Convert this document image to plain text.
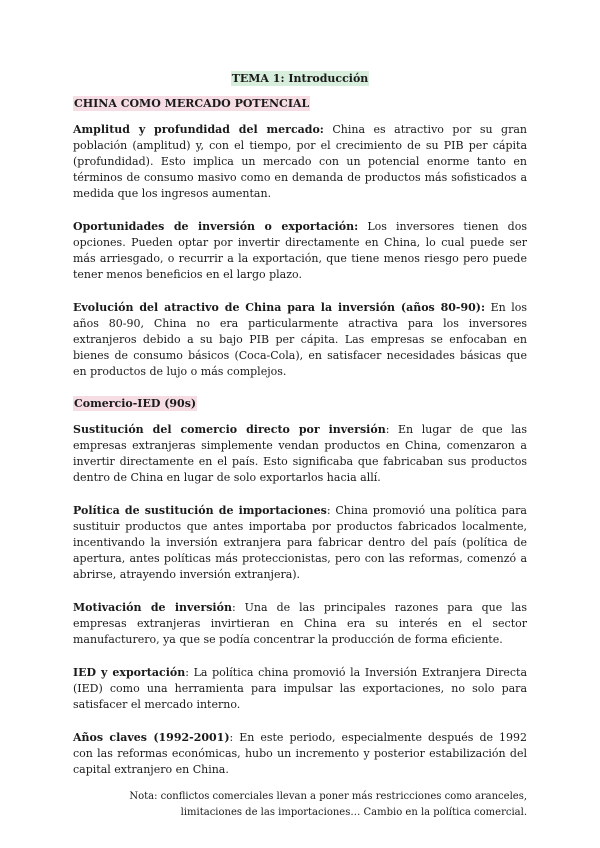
TEMA 1: Introducción
CHINA COMO MERCADO POTENCIAL

Amplitud y profundidad del mercado: China es atractivo por su gran población (amplitud) y, con el tiempo, por el crecimiento de su PIB per cápita (profundidad). Esto implica un mercado con un potencial enorme tanto en términos de consumo masivo como en demanda de productos más sofisticados a medida que los ingresos aumentan.

Oportunidades de inversión o exportación: Los inversores tienen dos opciones. Pueden optar por invertir directamente en China, lo cual puede ser más arriesgado, o recurrir a la exportación, que tiene menos riesgo pero puede tener menos beneficios en el largo plazo.

Evolución del atractivo de China para la inversión (años 80-90): En los años 80-90, China no era particularmente atractiva para los inversores extranjeros debido a su bajo PIB per cápita. Las empresas se enfocaban en bienes de consumo básicos (Coca-Cola), en satisfacer necesidades básicas que en productos de lujo o más complejos.

Comercio-IED (90s)

Sustitución del comercio directo por inversión: En lugar de que las empresas extranjeras simplemente vendan productos en China, comenzaron a invertir directamente en el país. Esto significaba que fabricaban sus productos dentro de China en lugar de solo exportarlos hacia allí.

Política de sustitución de importaciones: China promovió una política para sustituir productos que antes importaba por productos fabricados localmente, incentivando la inversión extranjera para fabricar dentro del país (política de apertura, antes políticas más proteccionistas, pero con las reformas, comenzó a abrirse, atrayendo inversión extranjera).

Motivación de inversión: Una de las principales razones para que las empresas extranjeras invirtieran en China era su interés en el sector manufacturero, ya que se podía concentrar la producción de forma eficiente.

IED y exportación: La política china promovió la Inversión Extranjera Directa (IED) como una herramienta para impulsar las exportaciones, no solo para satisfacer el mercado interno.

Años claves (1992-2001): En este periodo, especialmente después de 1992 con las reformas económicas, hubo un incremento y posterior estabilización del capital extranjero en China.

Nota: conflictos comerciales llevan a poner más restricciones como aranceles,
limitaciones de las importaciones… Cambio en la política comercial.
